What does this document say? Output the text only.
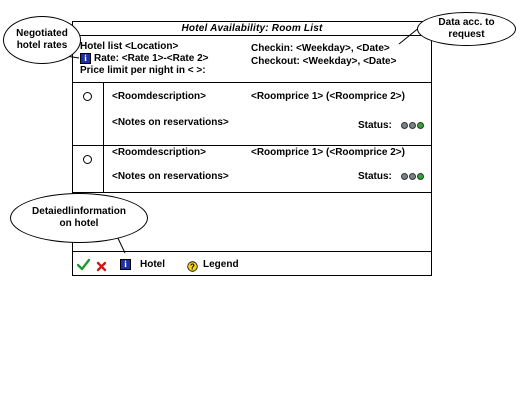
Hotel Availability: Room List
Hotel list <Location>
i Rate: <Rate 1>-<Rate 2>
Price limit per night in < >:
Checkin: <Weekday>, <Date>
Checkout: <Weekday>, <Date>
<Roomdescription>	<Roomprice 1> (<Roomprice 2>)
<Notes on reservations>	Status:
<Roomdescription>	<Roomprice 1> (<Roomprice 2>)
<Notes on reservations>	Status:
i	Hotel	? Legend
Negotiated
hotel rates
Data acc. to
request
Detaiedlinformation
on hotel
